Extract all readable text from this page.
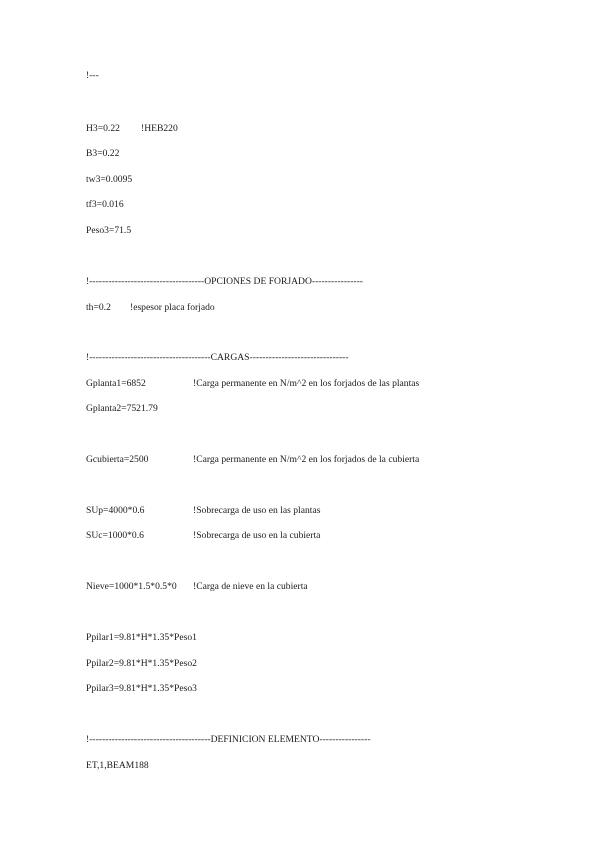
!---
H3=0.22 !HEB220
B3=0.22
tw3=0.0095
tf3=0.016
Peso3=71.5
!------------------------------------OPCIONES DE FORJADO----------------
th=0.2 !espesor placa forjado
!--------------------------------------CARGAS-------------------------------
Gplanta1=6852	!Carga permanente en N/m^2 en los forjados de las plantas
Gplanta2=7521.79
Gcubierta=2500	!Carga permanente en N/m^2 en los forjados de la cubierta
SUp=4000*0.6	!Sobrecarga de uso en las plantas
SUc=1000*0.6	!Sobrecarga de uso en la cubierta
Nieve=1000*1.5*0.5*0 !Carga de nieve en la cubierta
Ppilar1=9.81*H*1.35*Peso1
Ppilar2=9.81*H*1.35*Peso2
Ppilar3=9.81*H*1.35*Peso3
!--------------------------------------DEFINICION ELEMENTO----------------
ET,1,BEAM188
